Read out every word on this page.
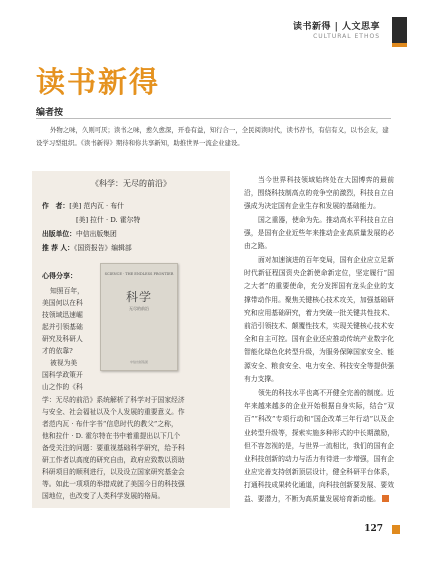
读书新得 | 人文思享
CULTURAL ETHOS
读书新得
编者按
外物之味，久则可厌；读书之味，愈久愈深，开卷有益，知行合一，全民阅读时代，读书荐书，有信有义，以书会友，建设学习型组织。《读书新得》期待和你共享新知，助推世界一流企业建设。
《科学：无尽的前沿》
作　者：[美] 范内瓦 · 布什
[美] 拉什 · D. 霍尔特
出版单位：中信出版集团
推 荐 人：《国资报告》编辑部
SCIENCE · THE ENDLESS FRONTIER
科学
无尽的前沿
中信出版集团
心得分享：
知照百年，
美国何以在科
技领域迅速崛
起并引领基础
研究及科研人
才的依靠?
被视为美
国科学政策开
山之作的《科
学：无尽的前沿》系统解析了科学对于国家经济
与安全、社会福祉以及个人发展的重要意义。作
者范内瓦 · 布什字书“信息时代的教父”之称，
他和拉什 · D. 霍尔特在书中着重提出以下几个
备受关注的问题：要重视基础科学研究，给予科
研工作者以高度的研究自由，政府应致数以资助
科研项目的顺利进行，以及设立国家研究基金会
等。如此一项项的举措成就了美国今日的科技强
国地位，也改变了人类科学发展的格局。
当今世界科技领域始终处在大国博弈的最前沿，围绕科技制高点的竞争空前激烈，科技自立自强成为决定国有企业生存和发展的基础能力。
国之重器，使命为先。推动高水平科技自立自强，是国有企业近些年来推动企业高质量发展的必由之路。
面对加速演进的百年变局，国有企业应立足新时代新征程国资央企新使命新定位，坚定履行“国之大者”的重要使命，充分发挥国有龙头企业的支撑带动作用。聚焦关键核心技术攻关，加强基础研究和应用基础研究，着力突破一批关键共性技术、前沿引领技术、颠覆性技术，实现关键核心技术安全和自主可控。国有企业还应推动传统产业数字化智能化绿色化转型升级，为服务保障国家安全、能源安全、粮食安全、电力安全、科技安全等提供强有力支撑。
领先的科技水平也离不开健全完善的制度。近年来越来越多的企业开始根据自身实际，结合“双百”“科改”专项行动和“国企改革三年行动”以及企业转型升级等，探索实施多种形式的中长期激励，但不容忽视的是，与世界一流相比，我们的国有企业科技创新的动力与活力有待进一步增强，国有企业应完善支持创新顶层设计，健全科研平台体系，打通科技成果转化通道，向科技创新要发展、要效益、要潜力，不断为高质量发展培育新动能。
127
